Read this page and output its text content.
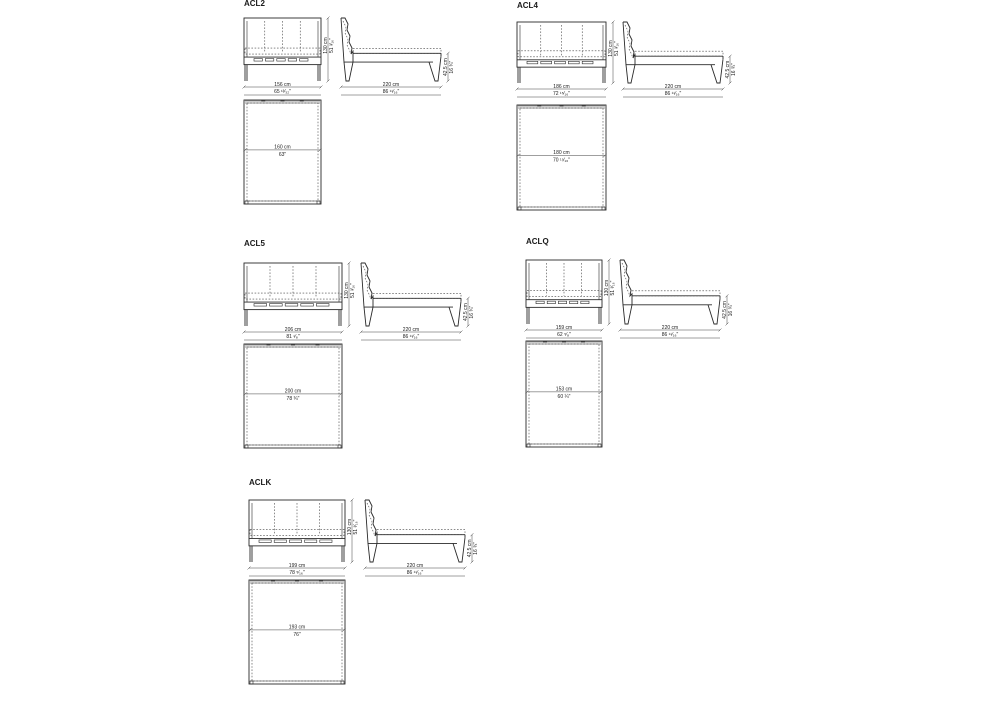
ACL2
156 cm
65 ¹³⁄₃₂"
130 cm 51 ³⁄₁₆"
220 cm
86 ¹¹⁄₁₆"
42.5 cm 16 ¾"
160 cm
63"
ACL4
186 cm
72 ¹⁵⁄₁₆"
130 cm 51 ³⁄₁₆"
220 cm
86 ¹¹⁄₁₆"
42.5 cm 16 ¾"
180 cm
70 ¹⁵⁄₁₆"
ACL5
206 cm
81 ¹⁄₈"
130 cm 51 ³⁄₁₆"
220 cm
86 ¹¹⁄₁₆"
42.5 cm 16 ¾"
200 cm
78 ¾"
ACLQ
159 cm
62 ⁵⁄₈"
130 cm 51 ³⁄₁₆"
220 cm
86 ¹¹⁄₁₆"
42.5 cm 16 ¾"
153 cm
60 ¼"
ACLK
199 cm
78 ⁵⁄₁₆"
130 cm 51 ³⁄₁₆"
220 cm
86 ¹¹⁄₁₆"
42.5 cm 16 ¾"
193 cm
76"
